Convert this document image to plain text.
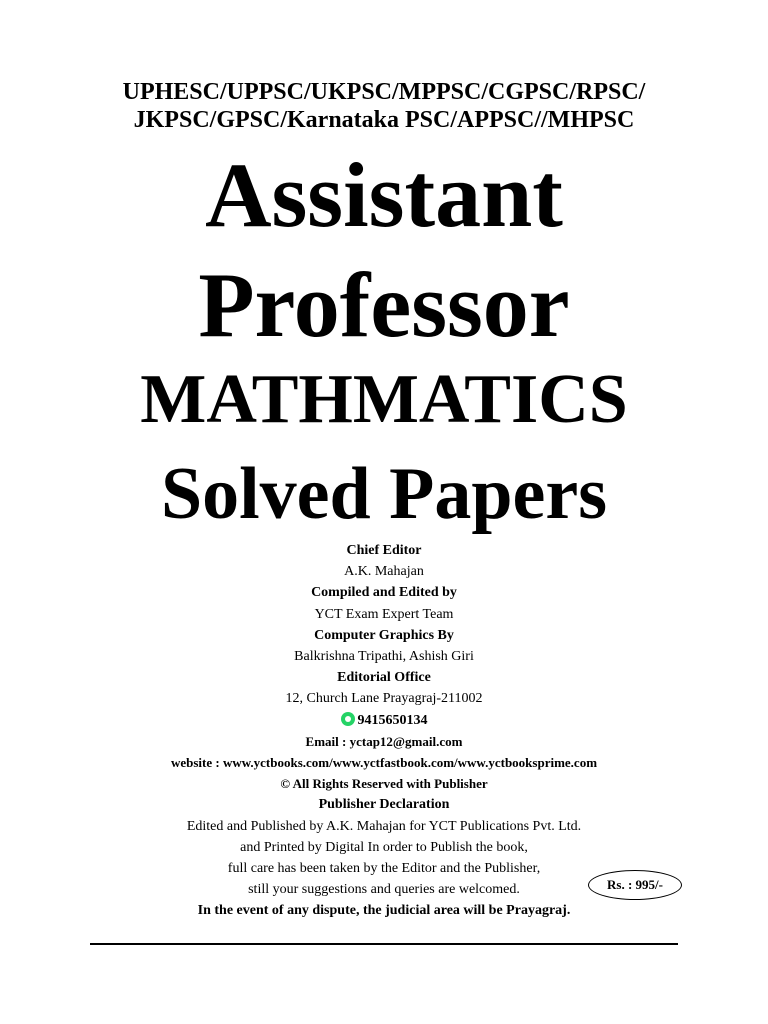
UPHESC/UPPSC/UKPSC/MPPSC/CGPSC/RPSC/
JKPSC/GPSC/Karnataka PSC/APPSC//MHPSC
Assistant
Professor
MATHMATICS
Solved Papers
Chief Editor
A.K. Mahajan
Compiled and Edited by
YCT Exam Expert Team
Computer Graphics By
Balkrishna Tripathi, Ashish Giri
Editorial Office
12, Church Lane Prayagraj-211002
9415650134
Email : yctap12@gmail.com
website : www.yctbooks.com/www.yctfastbook.com/www.yctbooksprime.com
© All Rights Reserved with Publisher
Publisher Declaration
Edited and Published by A.K. Mahajan for YCT Publications Pvt. Ltd.
and Printed by Digital In order to Publish the book,
full care has been taken by the Editor and the Publisher,
still your suggestions and queries are welcomed.
In the event of any dispute, the judicial area will be Prayagraj.
Rs. : 995/-
